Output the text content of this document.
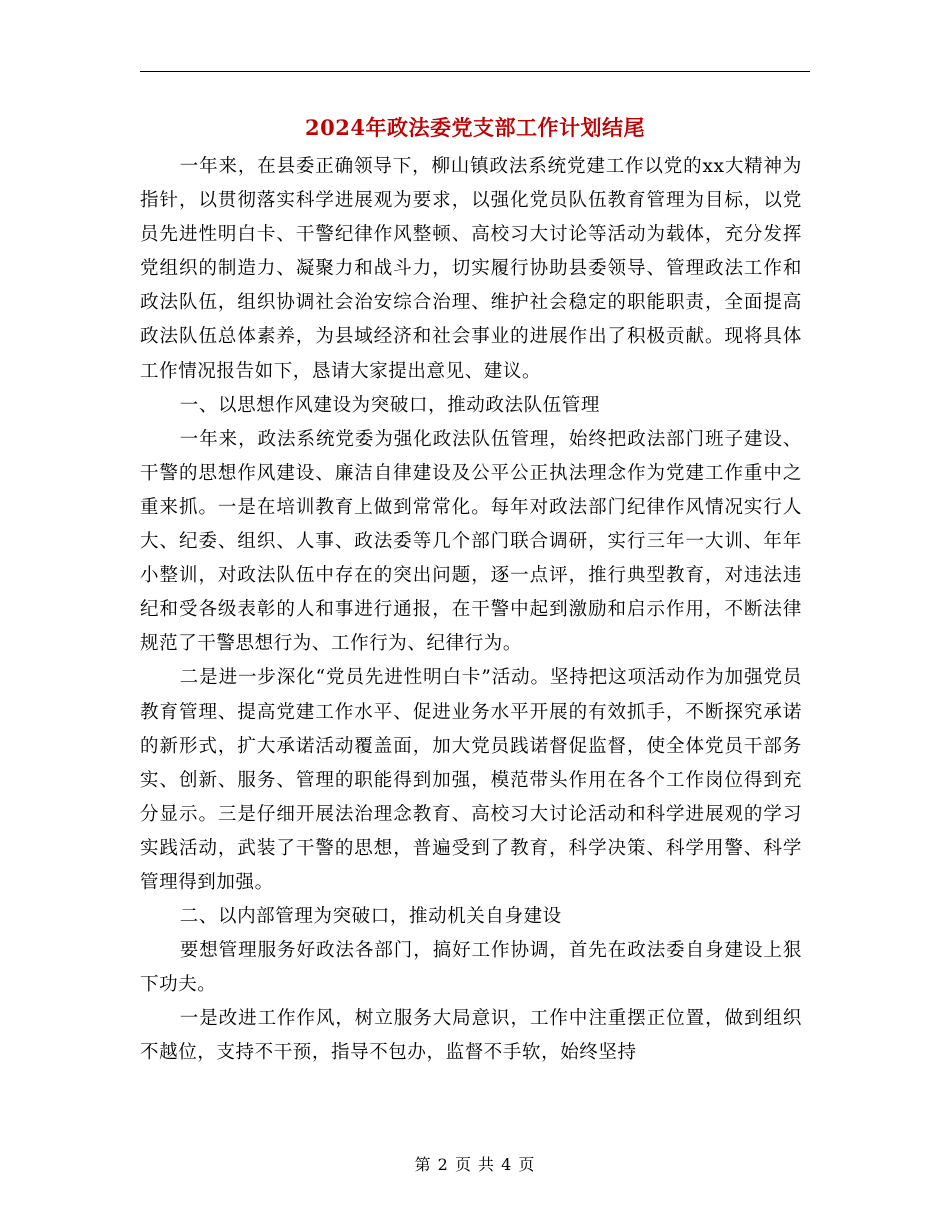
2024年政法委党支部工作计划结尾

一年来，在县委正确领导下，柳山镇政法系统党建工作以党的xx大精神为指针，以贯彻落实科学进展观为要求，以强化党员队伍教育管理为目标，以党员先进性明白卡、干警纪律作风整顿、高校习大讨论等活动为载体，充分发挥党组织的制造力、凝聚力和战斗力，切实履行协助县委领导、管理政法工作和政法队伍，组织协调社会治安综合治理、维护社会稳定的职能职责，全面提高政法队伍总体素养，为县域经济和社会事业的进展作出了积极贡献。现将具体工作情况报告如下，恳请大家提出意见、建议。

一、以思想作风建设为突破口，推动政法队伍管理

一年来，政法系统党委为强化政法队伍管理，始终把政法部门班子建设、干警的思想作风建设、廉洁自律建设及公平公正执法理念作为党建工作重中之重来抓。一是在培训教育上做到常常化。每年对政法部门纪律作风情况实行人大、纪委、组织、人事、政法委等几个部门联合调研，实行三年一大训、年年小整训，对政法队伍中存在的突出问题，逐一点评，推行典型教育，对违法违纪和受各级表彰的人和事进行通报，在干警中起到激励和启示作用，不断法律规范了干警思想行为、工作行为、纪律行为。

二是进一步深化“党员先进性明白卡”活动。坚持把这项活动作为加强党员教育管理、提高党建工作水平、促进业务水平开展的有效抓手，不断探究承诺的新形式，扩大承诺活动覆盖面，加大党员践诺督促监督，使全体党员干部务实、创新、服务、管理的职能得到加强，模范带头作用在各个工作岗位得到充分显示。三是仔细开展法治理念教育、高校习大讨论活动和科学进展观的学习实践活动，武装了干警的思想，普遍受到了教育，科学决策、科学用警、科学管理得到加强。

二、以内部管理为突破口，推动机关自身建设

要想管理服务好政法各部门，搞好工作协调，首先在政法委自身建设上狠下功夫。

一是改进工作作风，树立服务大局意识，工作中注重摆正位置，做到组织不越位，支持不干预，指导不包办，监督不手软，始终坚持

第 2 页 共 4 页
